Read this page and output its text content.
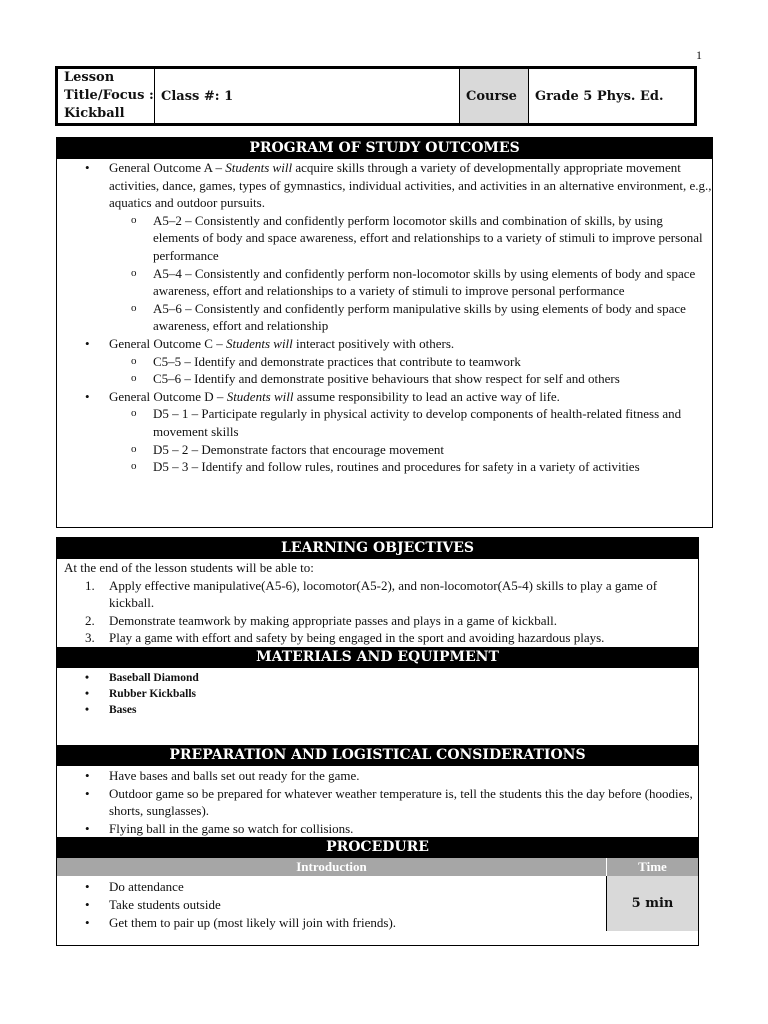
1
Lesson Title/Focus : Kickball
Class #: 1	Course	Grade 5 Phys. Ed.
PROGRAM OF STUDY OUTCOMES
• General Outcome A – Students will acquire skills through a variety of developmentally appropriate movement activities, dance, games, types of gymnastics, individual activities, and activities in an alternative environment, e.g., aquatics and outdoor pursuits.
o A5–2 – Consistently and confidently perform locomotor skills and combination of skills, by using elements of body and space awareness, effort and relationships to a variety of stimuli to improve personal performance
o A5–4 – Consistently and confidently perform non-locomotor skills by using elements of body and space awareness, effort and relationships to a variety of stimuli to improve personal performance
o A5–6 – Consistently and confidently perform manipulative skills by using elements of body and space awareness, effort and relationship
• General Outcome C – Students will interact positively with others.
o C5–5 – Identify and demonstrate practices that contribute to teamwork
o C5–6 – Identify and demonstrate positive behaviours that show respect for self and others
• General Outcome D – Students will assume responsibility to lead an active way of life.
o D5 – 1 – Participate regularly in physical activity to develop components of health-related fitness and movement skills
o D5 – 2 – Demonstrate factors that encourage movement
o D5 – 3 – Identify and follow rules, routines and procedures for safety in a variety of activities
LEARNING OBJECTIVES
At the end of the lesson students will be able to:
1. Apply effective manipulative(A5-6), locomotor(A5-2), and non-locomotor(A5-4) skills to play a game of kickball.
2. Demonstrate teamwork by making appropriate passes and plays in a game of kickball.
3. Play a game with effort and safety by being engaged in the sport and avoiding hazardous plays.
MATERIALS AND EQUIPMENT
• Baseball Diamond
• Rubber Kickballs
• Bases
PREPARATION AND LOGISTICAL CONSIDERATIONS
• Have bases and balls set out ready for the game.
• Outdoor game so be prepared for whatever weather temperature is, tell the students this the day before (hoodies, shorts, sunglasses).
• Flying ball in the game so watch for collisions.
PROCEDURE
Introduction	Time
• Do attendance
• Take students outside
• Get them to pair up (most likely will join with friends).
5 min
